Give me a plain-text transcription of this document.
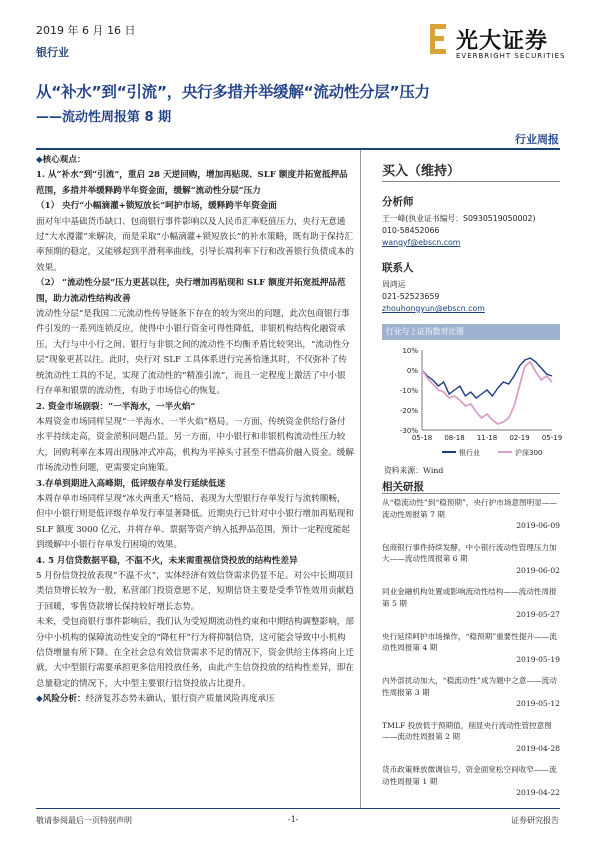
2019 年 6 月 16 日
银行业	光大证券
EVERBRIGHT SECURITIES
从“补水”到“引流”，央行多措并举缓解“流动性分层”压力
——流动性周报第 8 期
行业周报

◆核心观点：

1. 从“补水”到“引流”，重启 28 天逆回购，增加再贴现、SLF 额度并拓宽抵押品范围，多措并举缓释跨半年资金面，缓解“流动性分层”压力

（1） 央行“小幅滴灌+锁短放长”呵护市场，缓释跨半年资金面

面对年中基础货币缺口、包商银行事件影响以及人民币汇率贬值压力，央行无意通过“大水漫灌”来解决，而是采取“小幅滴灌+锁短放长”的补水策略，既有助于保持汇率预期的稳定，又能够起到平滑利率曲线，引导长端利率下行和改善银行负债成本的效果。

（2） “流动性分层”压力更甚以往，央行增加再贴现和 SLF 额度并拓宽抵押品范围，助力流动性结构改善

流动性分层”是我国二元流动性传导链条下存在的较为突出的问题，此次包商银行事件引发的一系列连锁反应，使得中小银行资金可得性降低，非银机构结构化融资承压，大行与中小行之间、银行与非银之间的流动性不均衡矛盾比较突出，“流动性分层”现象更甚以往。此时，央行对 SLF 工具体系进行完善恰逢其时，不仅弥补了传统流动性工具的不足，实现了流动性的“精准引流”，而且一定程度上激活了中小银行存单和银票的流动性，有助于市场信心的恢复。

2. 资金市场剧裂：“一半海水，一半火焰”

本周资金市场同样呈现“一半海水、一半火焰”格局。一方面，传统资金供给行备付水平持续走高，资金淤积问题凸显。另一方面，中小银行和非银机构流动性压力较大，回购利率在本周出现脉冲式冲高，机构为平掉头寸甚至不惜高价融入资金。缓解市场流动性问题，更需要定向施策。

3.存单到期进入高峰期，低评级存单发行延续低迷

本周存单市场同样呈现“冰火两重天”格局，表现为大型银行存单发行与流转顺畅，但中小银行则是低评级存单发行率显著降低。近期央行已针对中小银行增加再贴现和 SLF 额度 3000 亿元，并将存单、票据等资产纳入抵押品范围，预计一定程度能起到缓解中小银行存单发行困境的效果。

4. 5 月信贷数据平稳，不温不火，未来需重视信贷投放的结构性差异

5 月份信贷投放表现“不温不火”，实体经济有效信贷需求仍显不足。对公中长期项目类信贷增长较为一般，私营部门投资意愿不足，短期信贷主要是受季节性效用贡献趋于回暖，零售贷款增长保持较好增长态势。

未来，受包商银行事件影响后，我们认为受短期流动性约束和中期结构调整影响，部分中小机构的保障流动性安全的“降杠杆”行为将抑制信贷，这可能会导致中小机构信贷增量有所下降。在全社会总有效信贷需求不足的情况下，资金供给主体将向上迁就，大中型银行需要承担更多信用投放任务，由此产生信贷投放的结构性差异，即在总量稳定的情况下，大中型主要银行信贷投放占比提升。

◆风险分析：经济复苏态势未确认，银行资产质量风险再度承压

买入（维持）
分析师
王一峰(执业证书编号：S0930519050002)
010-58452066
wangyf@ebscn.com
联系人
周鸿运
021-52523659
zhouhongyun@ebscn.com
行业与上证指数对比图
10%
0%
-10%
-20%
-30%
05-18 08-18 11-18 02-19 05-19
银行业	沪深300
资料来源：Wind
相关研报
从“稳流动性”到“稳预期”，央行护市场意图明显——流动性周报第 7 期
2019-06-09
包商银行事件持续发酵，中小银行流动性管理压力加大——流动性周报第 6 期
2019-06-02
同业金融机构处置或影响流动性结构——流动性周报第 5 期
2019-05-27
央行延续呵护市场操作，“稳预期”重要性提升——流动性周报第 4 期
2019-05-19
内外部扰动加大，“稳流动性”成为题中之意——流动性周报第 3 期
2019-05-12
TMLF 投放低于预期值，削显央行流动性管控意图——流动性周报第 2 期
2019-04-28
货币政策释放微调信号，资金面宽松空间收窄——流动性周报第 1 期
2019-04-22
敬请参阅最后一页特别声明	-1-	证券研究报告
